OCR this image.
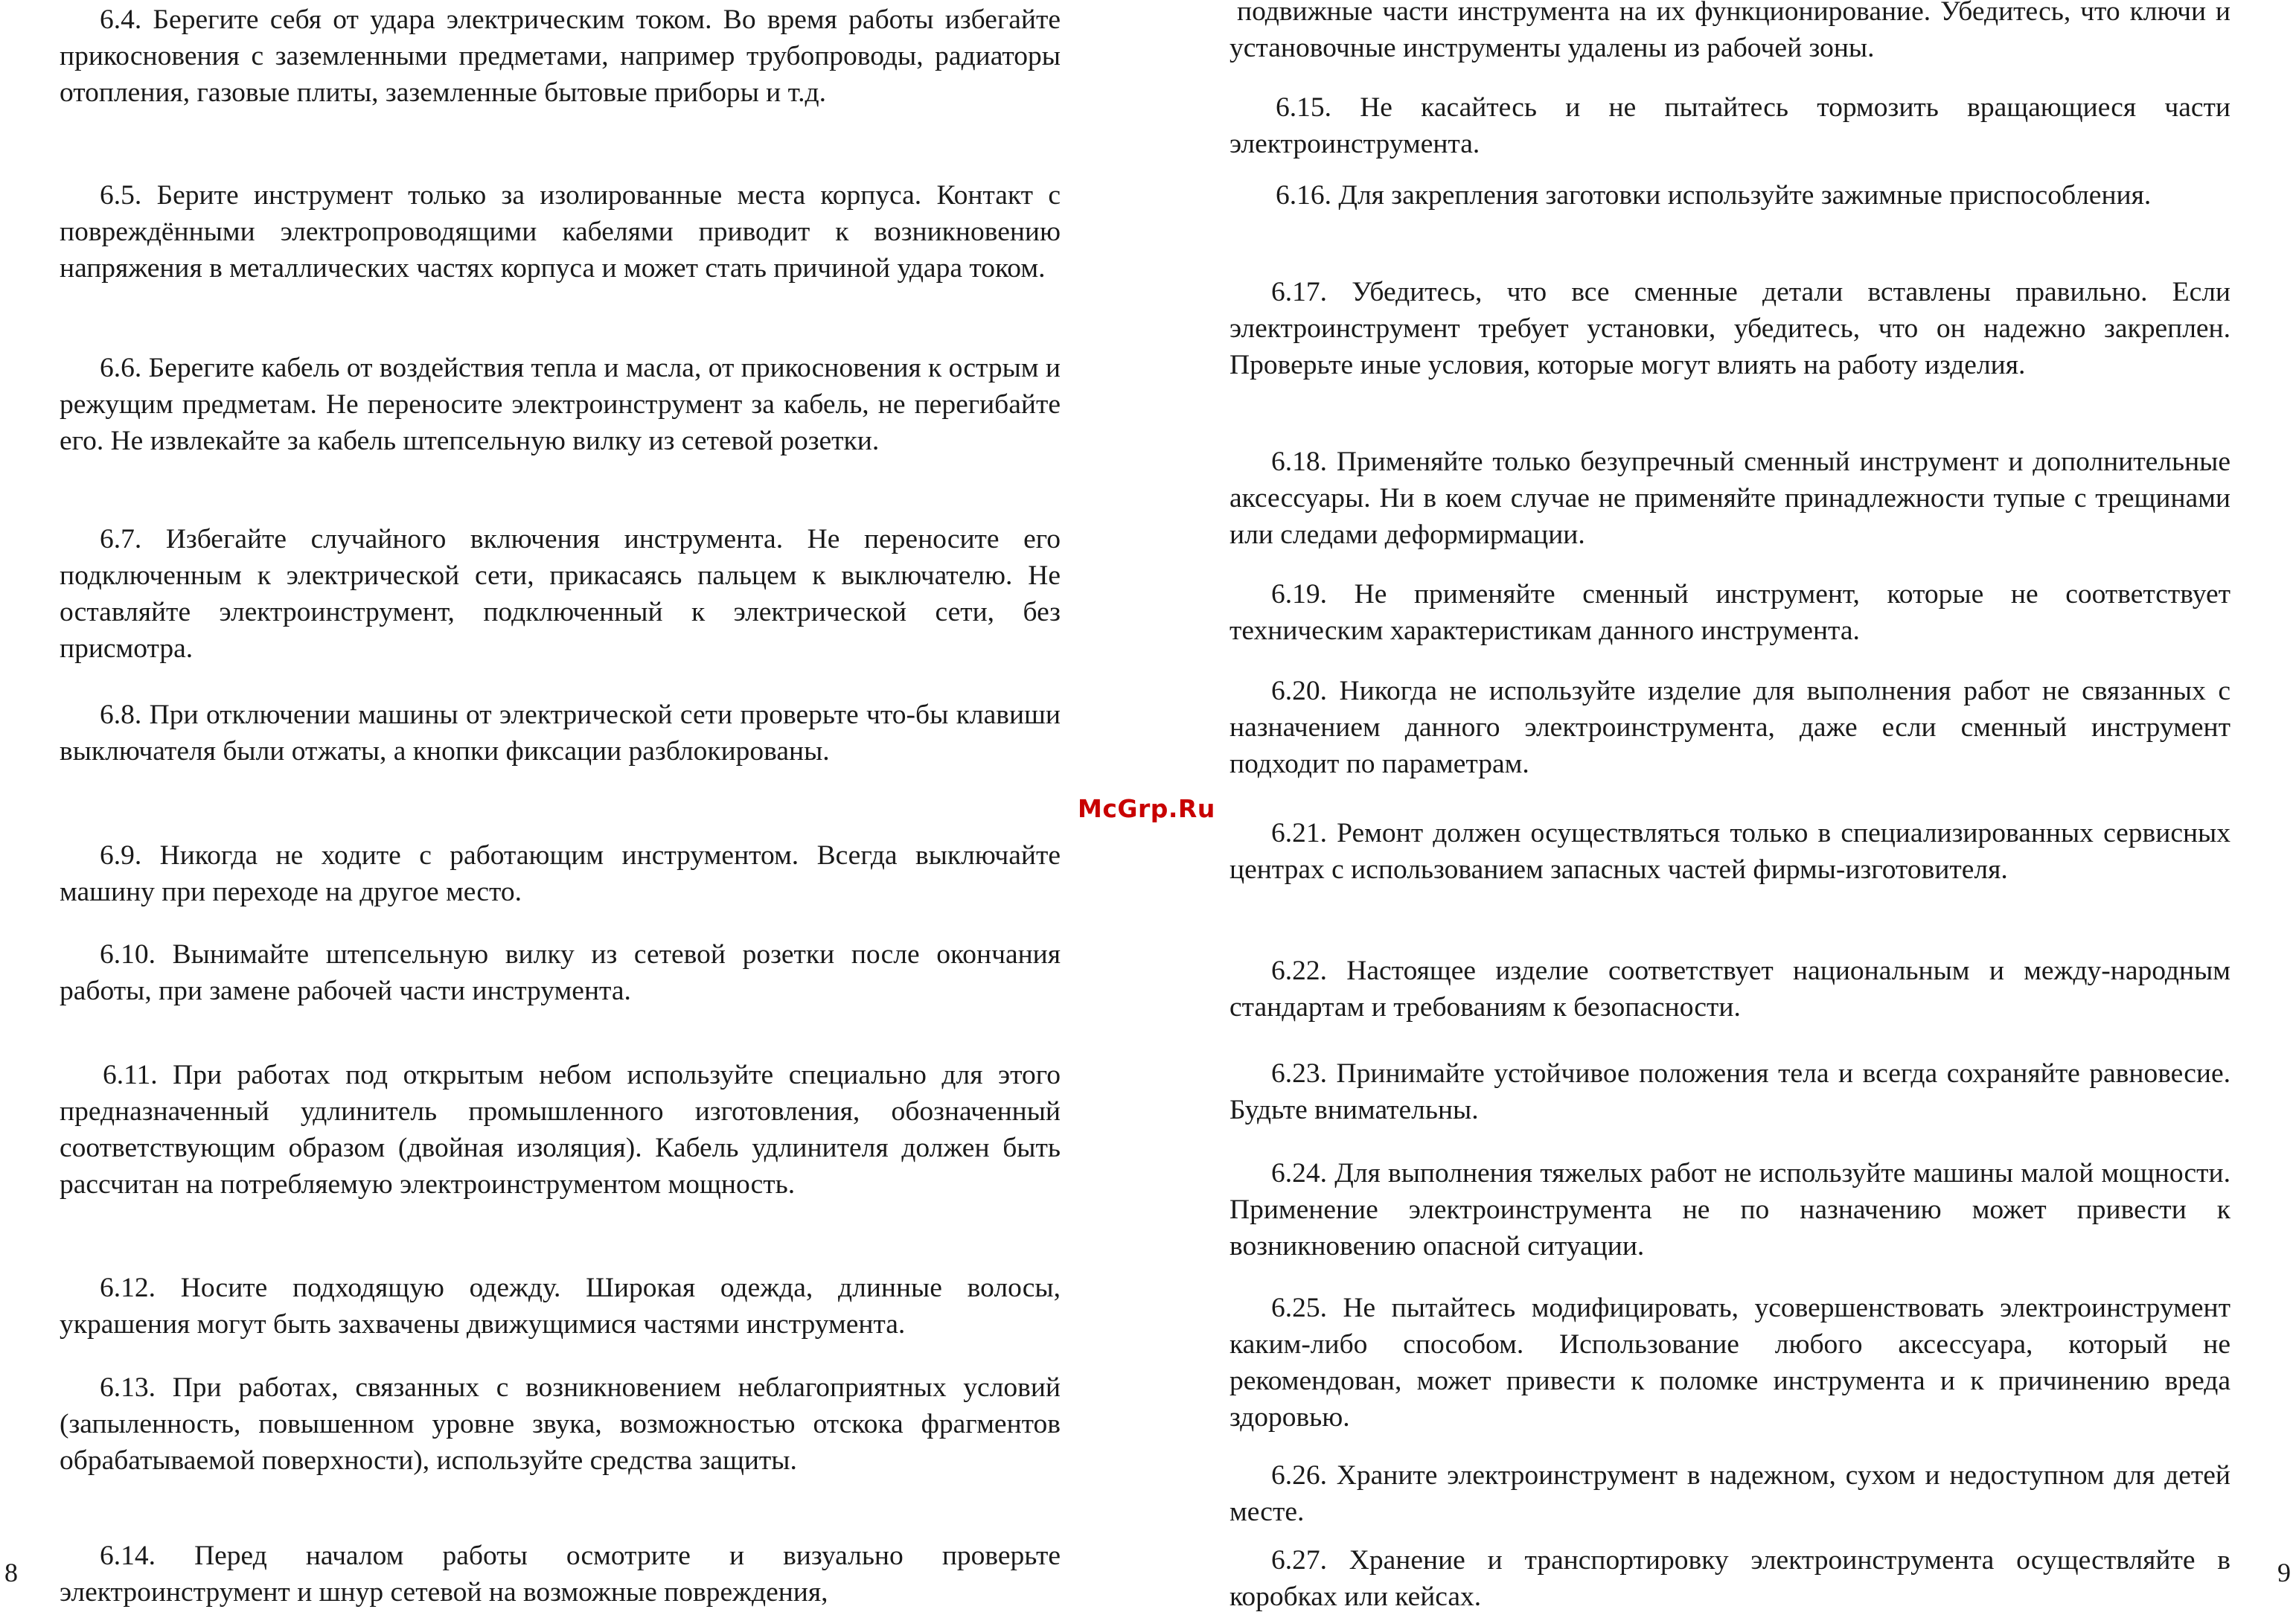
6.4. Берегите себя от удара электрическим током. Во время работы избегайте прикосновения с заземленными предметами, например трубопроводы, радиаторы отопления, газовые плиты, заземленные бытовые приборы и т.д.

6.5. Берите инструмент только за изолированные места корпуса. Контакт с повреждёнными электропроводящими кабелями приводит к возникновению напряжения в металлических частях корпуса и может стать причиной удара током.

6.6. Берегите кабель от воздействия тепла и масла, от прикосновения к острым и режущим предметам. Не переносите электроинструмент за кабель, не перегибайте его. Не извлекайте за кабель штепсельную вилку из сетевой розетки.

6.7. Избегайте случайного включения инструмента. Не переносите его подключенным к электрической сети, прикасаясь пальцем к выключателю. Не оставляйте электроинструмент, подключенный к электрической сети, без присмотра.

6.8. При отключении машины от электрической сети проверьте что-бы клавиши выключателя были отжаты, а кнопки фиксации разблокированы.

6.9. Никогда не ходите с работающим инструментом. Всегда выключайте машину при переходе на другое место.

6.10. Вынимайте штепсельную вилку из сетевой розетки после окончания работы, при замене рабочей части инструмента.

6.11. При работах под открытым небом используйте специально для этого предназначенный удлинитель промышленного изготовления, обозначенный соответствующим образом (двойная изоляция). Кабель удлинителя должен быть рассчитан на потребляемую электроинструментом мощность.

6.12. Носите подходящую одежду. Широкая одежда, длинные волосы, украшения могут быть захвачены движущимися частями инструмента.

6.13. При работах, связанных с возникновением неблагоприятных условий (запыленность, повышенном уровне звука, возможностью отскока фрагментов обрабатываемой поверхности), используйте средства защиты.

6.14. Перед началом работы осмотрите и визуально проверьте электроинструмент и шнур сетевой на возможные повреждения,

подвижные части инструмента на их функционирование. Убедитесь, что ключи и установочные инструменты удалены из рабочей зоны.

6.15. Не касайтесь и не пытайтесь тормозить вращающиеся части электроинструмента.

6.16. Для закрепления заготовки используйте зажимные приспособления.

6.17. Убедитесь, что все сменные детали вставлены правильно. Если электроинструмент требует установки, убедитесь, что он надежно закреплен. Проверьте иные условия, которые могут влиять на работу изделия.

6.18. Применяйте только безупречный сменный инструмент и дополнительные аксессуары. Ни в коем случае не применяйте принадлежности тупые с трещинами или следами деформирмации.

6.19. Не применяйте сменный инструмент, которые не соответствует техническим характеристикам данного инструмента.

6.20. Никогда не используйте изделие для выполнения работ не связанных с назначением данного электроинструмента, даже если сменный инструмент подходит по параметрам.

6.21. Ремонт должен осуществляться только в специализированных сервисных центрах с использованием запасных частей фирмы-изготовителя.

6.22. Настоящее изделие соответствует национальным и между-народным стандартам и требованиям к безопасности.

6.23. Принимайте устойчивое положения тела и всегда сохраняйте равновесие. Будьте внимательны.

6.24. Для выполнения тяжелых работ не используйте машины малой мощности. Применение электроинструмента не по назначению может привести к возникновению опасной ситуации.

6.25. Не пытайтесь модифицировать, усовершенствовать электроинструмент каким-либо способом. Использование любого аксессуара, который не рекомендован, может привести к поломке инструмента и к причинению вреда здоровью.

6.26. Храните электроинструмент в надежном, сухом и недоступном для детей месте.

6.27. Хранение и транспортировку электроинструмента осуществляйте в коробках или кейсах.

McGrp.Ru
8	9
